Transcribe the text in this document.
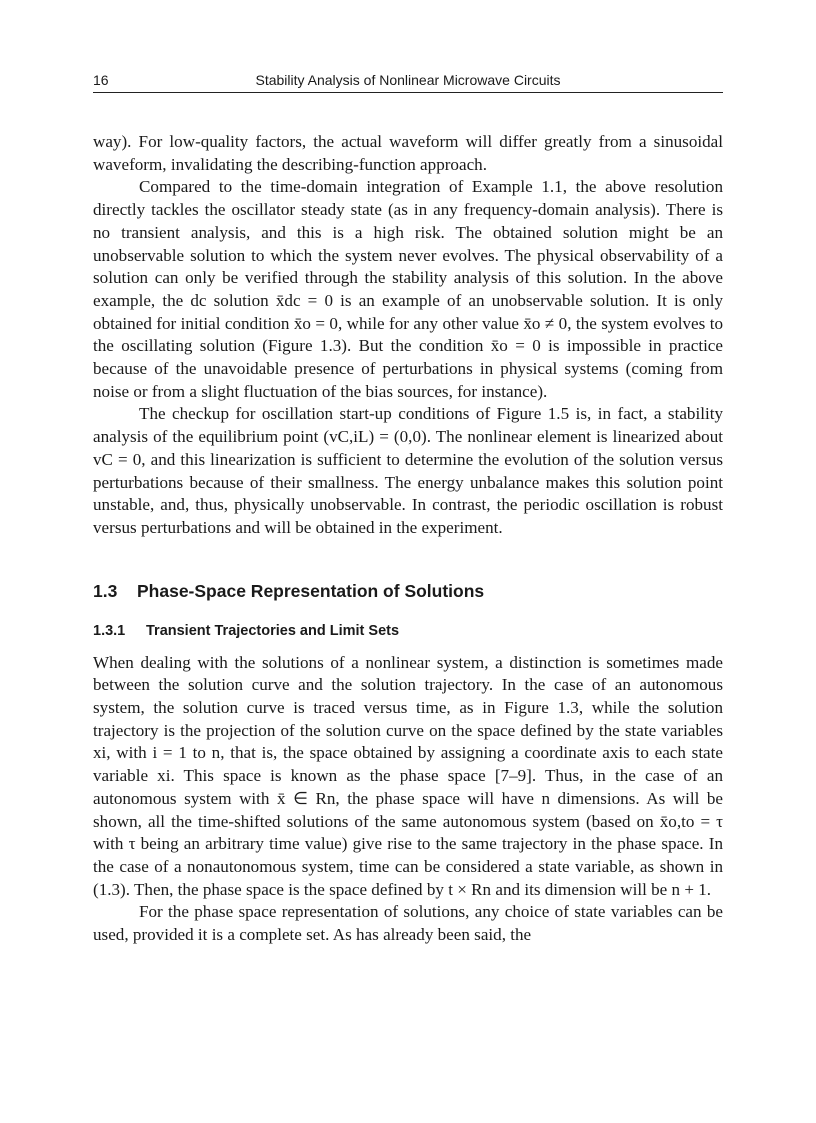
16	Stability Analysis of Nonlinear Microwave Circuits

way). For low-quality factors, the actual waveform will differ greatly from a sinusoidal waveform, invalidating the describing-function approach.

Compared to the time-domain integration of Example 1.1, the above resolution directly tackles the oscillator steady state (as in any frequency-domain analysis). There is no transient analysis, and this is a high risk. The obtained solution might be an unobservable solution to which the system never evolves. The physical observability of a solution can only be verified through the stability analysis of this solution. In the above example, the dc solution x̄dc = 0 is an example of an unobservable solution. It is only obtained for initial condition x̄o = 0, while for any other value x̄o ≠ 0, the system evolves to the oscillating solution (Figure 1.3). But the condition x̄o = 0 is impossible in practice because of the unavoidable presence of perturbations in physical systems (coming from noise or from a slight fluctuation of the bias sources, for instance).

The checkup for oscillation start-up conditions of Figure 1.5 is, in fact, a stability analysis of the equilibrium point (vC,iL) = (0,0). The nonlinear element is linearized about vC = 0, and this linearization is sufficient to determine the evolution of the solution versus perturbations because of their smallness. The energy unbalance makes this solution point unstable, and, thus, physically unobservable. In contrast, the periodic oscillation is robust versus perturbations and will be obtained in the experiment.

1.3 Phase-Space Representation of Solutions
1.3.1 Transient Trajectories and Limit Sets

When dealing with the solutions of a nonlinear system, a distinction is sometimes made between the solution curve and the solution trajectory. In the case of an autonomous system, the solution curve is traced versus time, as in Figure 1.3, while the solution trajectory is the projection of the solution curve on the space defined by the state variables xi, with i = 1 to n, that is, the space obtained by assigning a coordinate axis to each state variable xi. This space is known as the phase space [7–9]. Thus, in the case of an autonomous system with x̄ ∈ Rn, the phase space will have n dimensions. As will be shown, all the time-shifted solutions of the same autonomous system (based on x̄o,to = τ with τ being an arbitrary time value) give rise to the same trajectory in the phase space. In the case of a nonautonomous system, time can be considered a state variable, as shown in (1.3). Then, the phase space is the space defined by t × Rn and its dimension will be n + 1.

For the phase space representation of solutions, any choice of state variables can be used, provided it is a complete set. As has already been said, the
